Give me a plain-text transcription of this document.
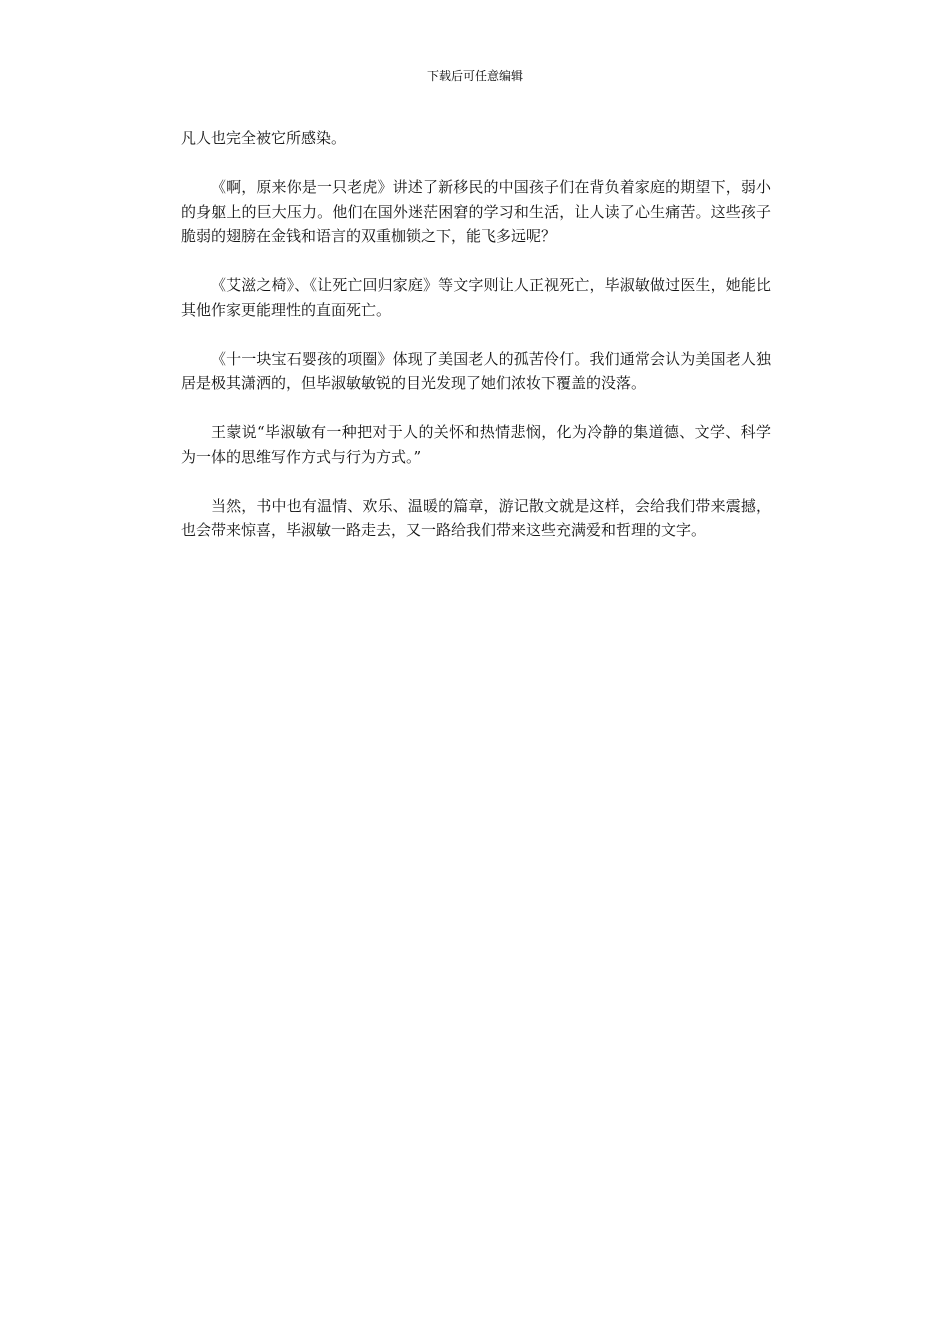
下载后可任意编辑

凡人也完全被它所感染。

《啊，原来你是一只老虎》讲述了新移民的中国孩子们在背负着家庭的期望下，弱小的身躯上的巨大压力。他们在国外迷茫困窘的学习和生活，让人读了心生痛苦。这些孩子脆弱的翅膀在金钱和语言的双重枷锁之下，能飞多远呢？

《艾滋之椅》、《让死亡回归家庭》等文字则让人正视死亡，毕淑敏做过医生，她能比其他作家更能理性的直面死亡。

《十一块宝石婴孩的项圈》体现了美国老人的孤苦伶仃。我们通常会认为美国老人独居是极其潇洒的，但毕淑敏敏锐的目光发现了她们浓妆下覆盖的没落。

王蒙说“毕淑敏有一种把对于人的关怀和热情悲悯，化为冷静的集道德、文学、科学为一体的思维写作方式与行为方式。”

当然，书中也有温情、欢乐、温暖的篇章，游记散文就是这样，会给我们带来震撼，也会带来惊喜，毕淑敏一路走去，又一路给我们带来这些充满爱和哲理的文字。
